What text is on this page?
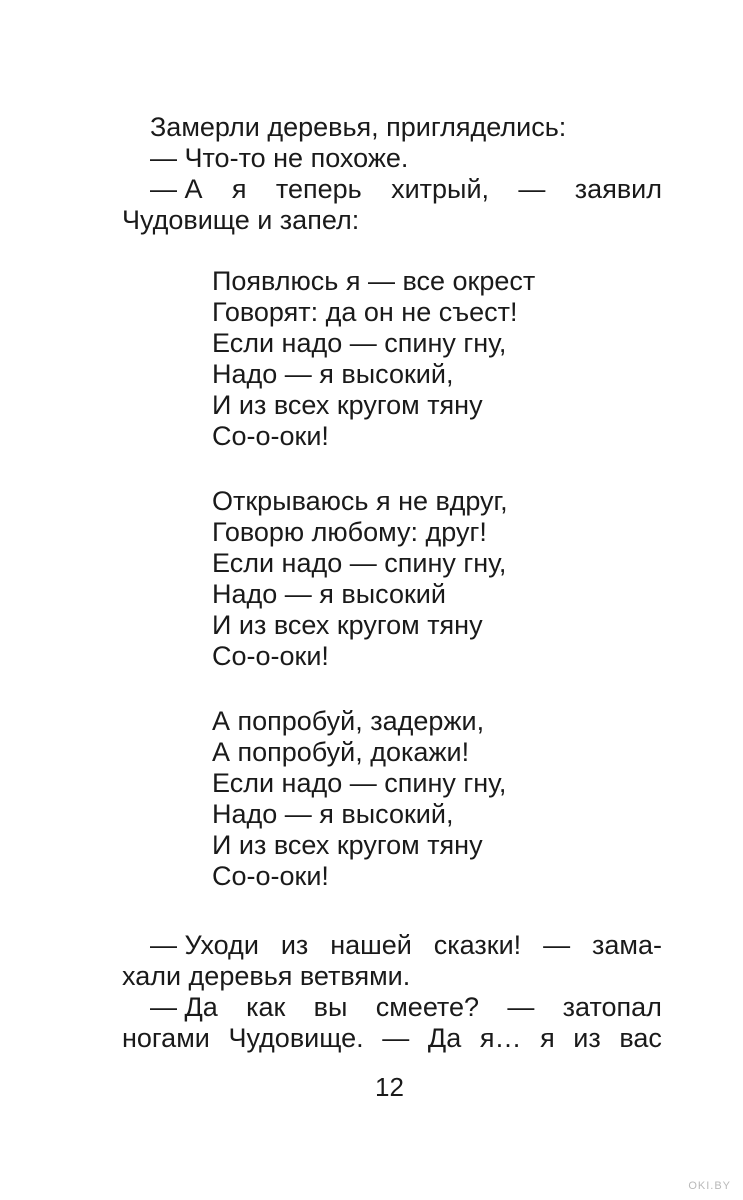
Замерли деревья, пригляделись:
— Что-то не похоже.
— А я теперь хитрый, — заявил
Чудовище и запел:
Появлюсь я — все окрест
Говорят: да он не съест!
Если надо — спину гну,
Надо — я высокий,
И из всех кругом тяну
Со-о-оки!
Открываюсь я не вдруг,
Говорю любому: друг!
Если надо — спину гну,
Надо — я высокий
И из всех кругом тяну
Со-о-оки!
А попробуй, задержи,
А попробуй, докажи!
Если надо — спину гну,
Надо — я высокий,
И из всех кругом тяну
Со-о-оки!
— Уходи из нашей сказки! — зама-
хали деревья ветвями.
— Да как вы смеете? — затопал
ногами Чудовище. — Да я… я из вас
12
OKI.BY
